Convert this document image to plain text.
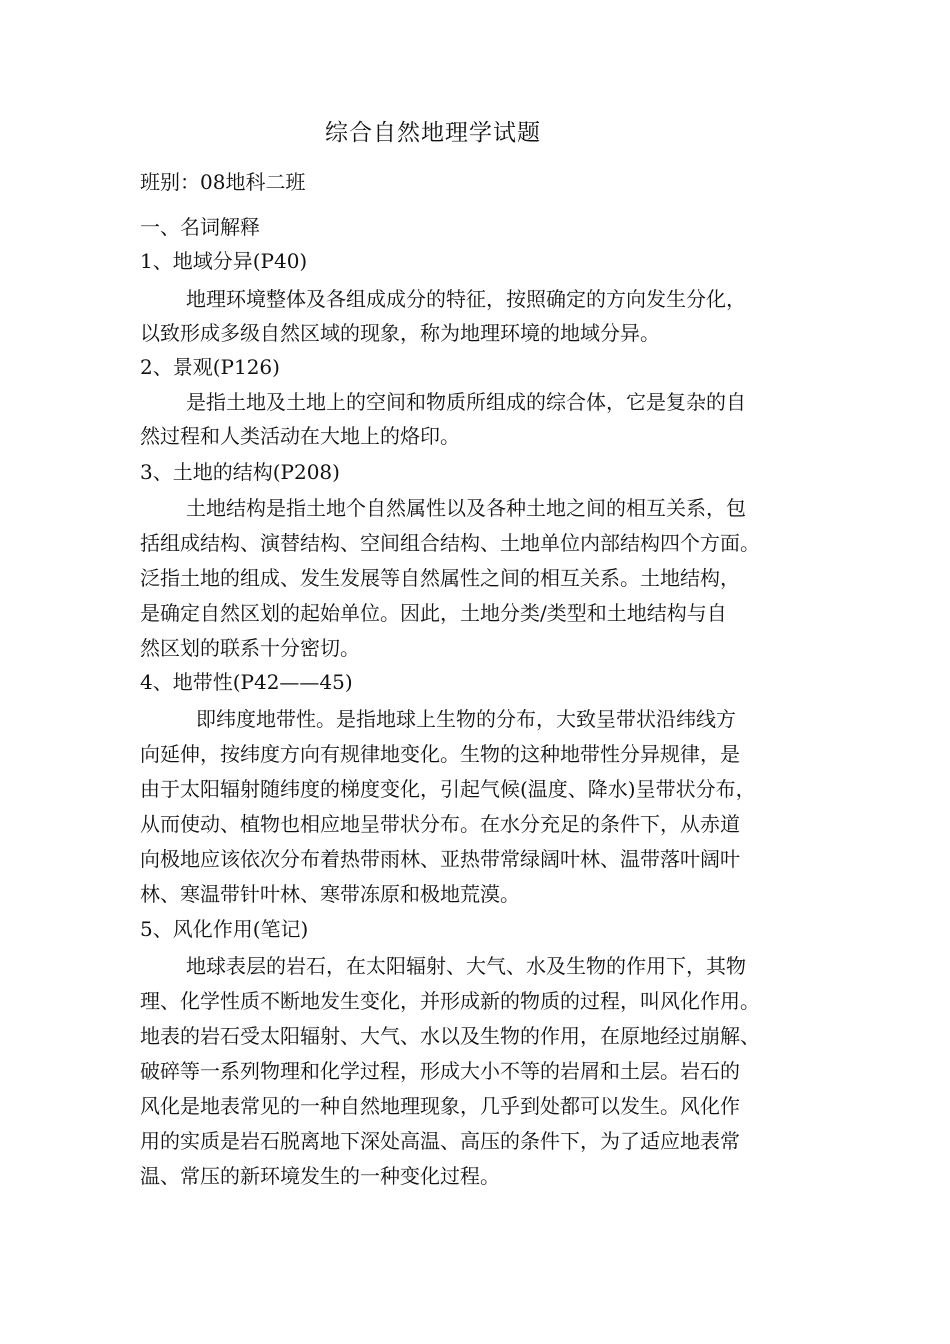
综合自然地理学试题
班别：08地科二班
一、名词解释
1、地域分异(P40)
地理环境整体及各组成成分的特征，按照确定的方向发生分化，
以致形成多级自然区域的现象，称为地理环境的地域分异。
2、景观(P126)
是指土地及土地上的空间和物质所组成的综合体，它是复杂的自
然过程和人类活动在大地上的烙印。
3、土地的结构(P208)
土地结构是指土地个自然属性以及各种土地之间的相互关系，包
括组成结构、演替结构、空间组合结构、土地单位内部结构四个方面。
泛指土地的组成、发生发展等自然属性之间的相互关系。土地结构，
是确定自然区划的起始单位。因此，土地分类/类型和土地结构与自
然区划的联系十分密切。
4、地带性(P42——45)
即纬度地带性。是指地球上生物的分布，大致呈带状沿纬线方
向延伸，按纬度方向有规律地变化。生物的这种地带性分异规律，是
由于太阳辐射随纬度的梯度变化，引起气候(温度、降水)呈带状分布，
从而使动、植物也相应地呈带状分布。在水分充足的条件下，从赤道
向极地应该依次分布着热带雨林、亚热带常绿阔叶林、温带落叶阔叶
林、寒温带针叶林、寒带冻原和极地荒漠。
5、风化作用(笔记)
地球表层的岩石，在太阳辐射、大气、水及生物的作用下，其物
理、化学性质不断地发生变化，并形成新的物质的过程，叫风化作用。
地表的岩石受太阳辐射、大气、水以及生物的作用，在原地经过崩解、
破碎等一系列物理和化学过程，形成大小不等的岩屑和土层。岩石的
风化是地表常见的一种自然地理现象，几乎到处都可以发生。风化作
用的实质是岩石脱离地下深处高温、高压的条件下，为了适应地表常
温、常压的新环境发生的一种变化过程。
